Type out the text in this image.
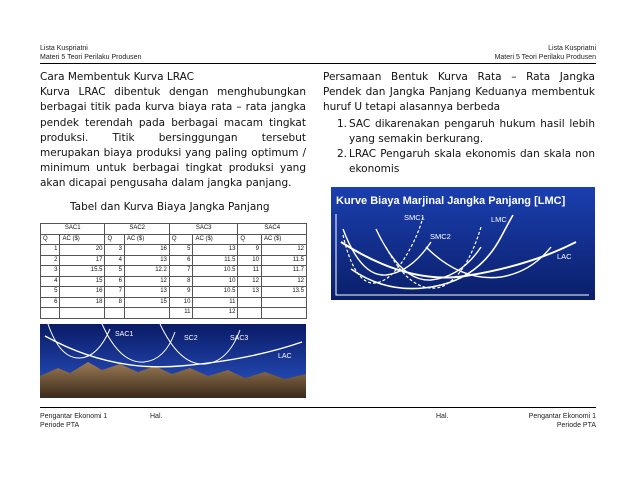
Lista Kuspriatni
Materi 5 Teori Perilaku Produsen
Lista Kuspriatni
Materi 5 Teori Perilaku Produsen
Cara Membentuk Kurva LRAC
Kurva LRAC dibentuk dengan menghubungkan berbagai titik pada kurva biaya rata – rata jangka pendek terendah pada berbagai macam tingkat produksi. Titik bersinggungan tersebut merupakan biaya produksi yang paling optimum / minimum untuk berbagai tingkat produksi yang akan dicapai pengusaha dalam jangka panjang.
Tabel dan Kurva Biaya Jangka Panjang
SAC1		SAC2		SAC3		SAC4	
Q	AC ($)	Q	AC ($)	Q	AC ($)	Q	AC ($)
1	20	3	16	5	13	9	12
2	17	4	13	6	11.5	10	11.5
3	15.5	5	12.2	7	10.5	11	11.7
4	15	6	12	8	10	12	12
5	16	7	13	9	10.5	13	13.5
6	18	8	15	10	11		
				11	12		
Persamaan Bentuk Kurva Rata – Rata Jangka Pendek dan Jangka Panjang Keduanya membentuk huruf U tetapi alasannya berbeda
1. SAC dikarenakan pengaruh hukum hasil lebih yang semakin berkurang.
2. LRAC Pengaruh skala ekonomis dan skala non ekonomis
Kurve Biaya Marjinal Jangka Panjang [LMC]
SMC1
SMC2
LMC
LAC
SAC1
SC2	SAC3
LAC
Pengantar Ekonomi 1
Periode PTA
Hal.	Hal.	Pengantar Ekonomi 1
Periode PTA
